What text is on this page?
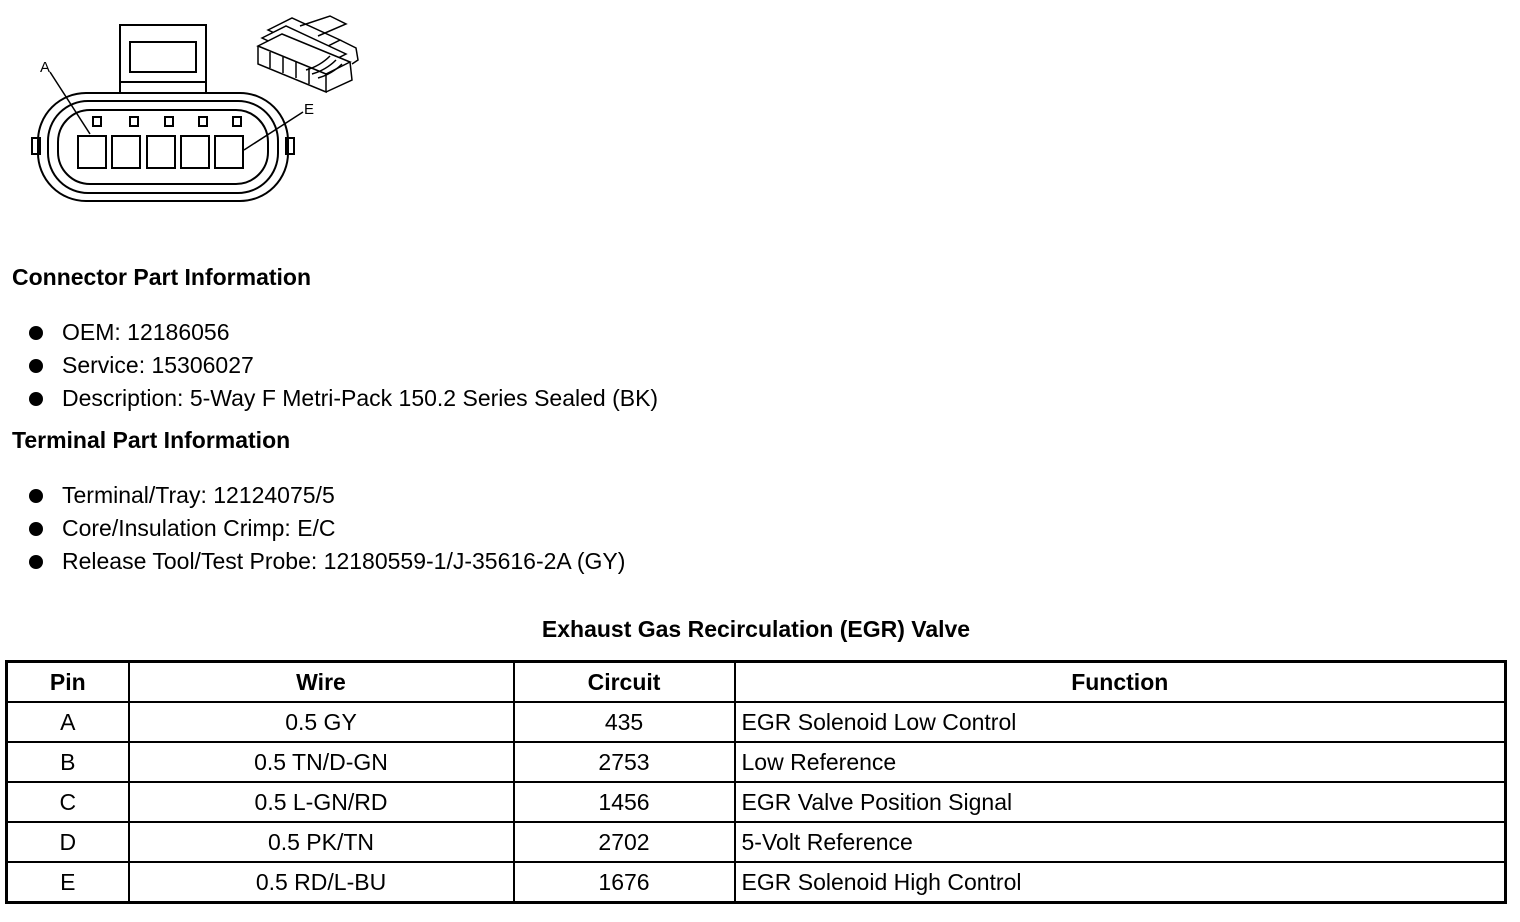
A
E
Connector Part Information
OEM: 12186056
Service: 15306027
Description: 5-Way F Metri-Pack 150.2 Series Sealed (BK)
Terminal Part Information
Terminal/Tray: 12124075/5
Core/Insulation Crimp: E/C
Release Tool/Test Probe: 12180559-1/J-35616-2A (GY)
Exhaust Gas Recirculation (EGR) Valve
Pin	Wire	Circuit	Function
A	0.5 GY	435	EGR Solenoid Low Control
B	0.5 TN/D-GN	2753	Low Reference
C	0.5 L-GN/RD	1456	EGR Valve Position Signal
D	0.5 PK/TN	2702	5-Volt Reference
E	0.5 RD/L-BU	1676	EGR Solenoid High Control
